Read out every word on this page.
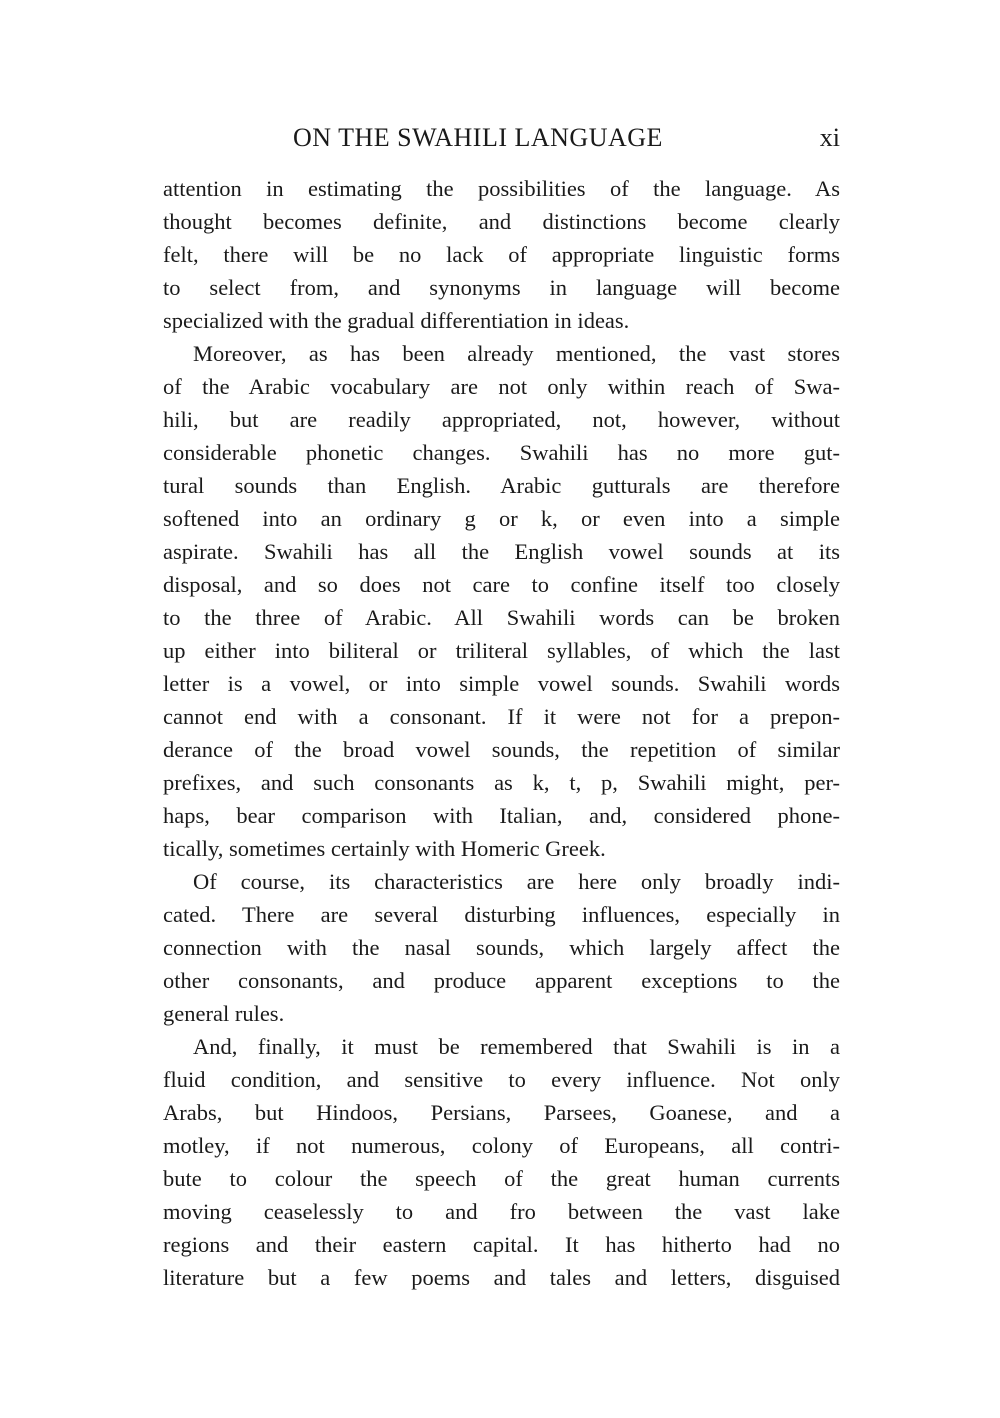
ON THE SWAHILI LANGUAGE	xi
attention in estimating the possibilities of the language. As
thought becomes definite, and distinctions become clearly
felt, there will be no lack of appropriate linguistic forms
to select from, and synonyms in language will become
specialized with the gradual differentiation in ideas.
Moreover, as has been already mentioned, the vast stores
of the Arabic vocabulary are not only within reach of Swa-
hili, but are readily appropriated, not, however, without
considerable phonetic changes. Swahili has no more gut-
tural sounds than English. Arabic gutturals are therefore
softened into an ordinary g or k, or even into a simple
aspirate. Swahili has all the English vowel sounds at its
disposal, and so does not care to confine itself too closely
to the three of Arabic. All Swahili words can be broken
up either into biliteral or triliteral syllables, of which the last
letter is a vowel, or into simple vowel sounds. Swahili words
cannot end with a consonant. If it were not for a prepon-
derance of the broad vowel sounds, the repetition of similar
prefixes, and such consonants as k, t, p, Swahili might, per-
haps, bear comparison with Italian, and, considered phone-
tically, sometimes certainly with Homeric Greek.
Of course, its characteristics are here only broadly indi-
cated. There are several disturbing influences, especially in
connection with the nasal sounds, which largely affect the
other consonants, and produce apparent exceptions to the
general rules.
And, finally, it must be remembered that Swahili is in a
fluid condition, and sensitive to every influence. Not only
Arabs, but Hindoos, Persians, Parsees, Goanese, and a
motley, if not numerous, colony of Europeans, all contri-
bute to colour the speech of the great human currents
moving ceaselessly to and fro between the vast lake
regions and their eastern capital. It has hitherto had no
literature but a few poems and tales and letters, disguised
